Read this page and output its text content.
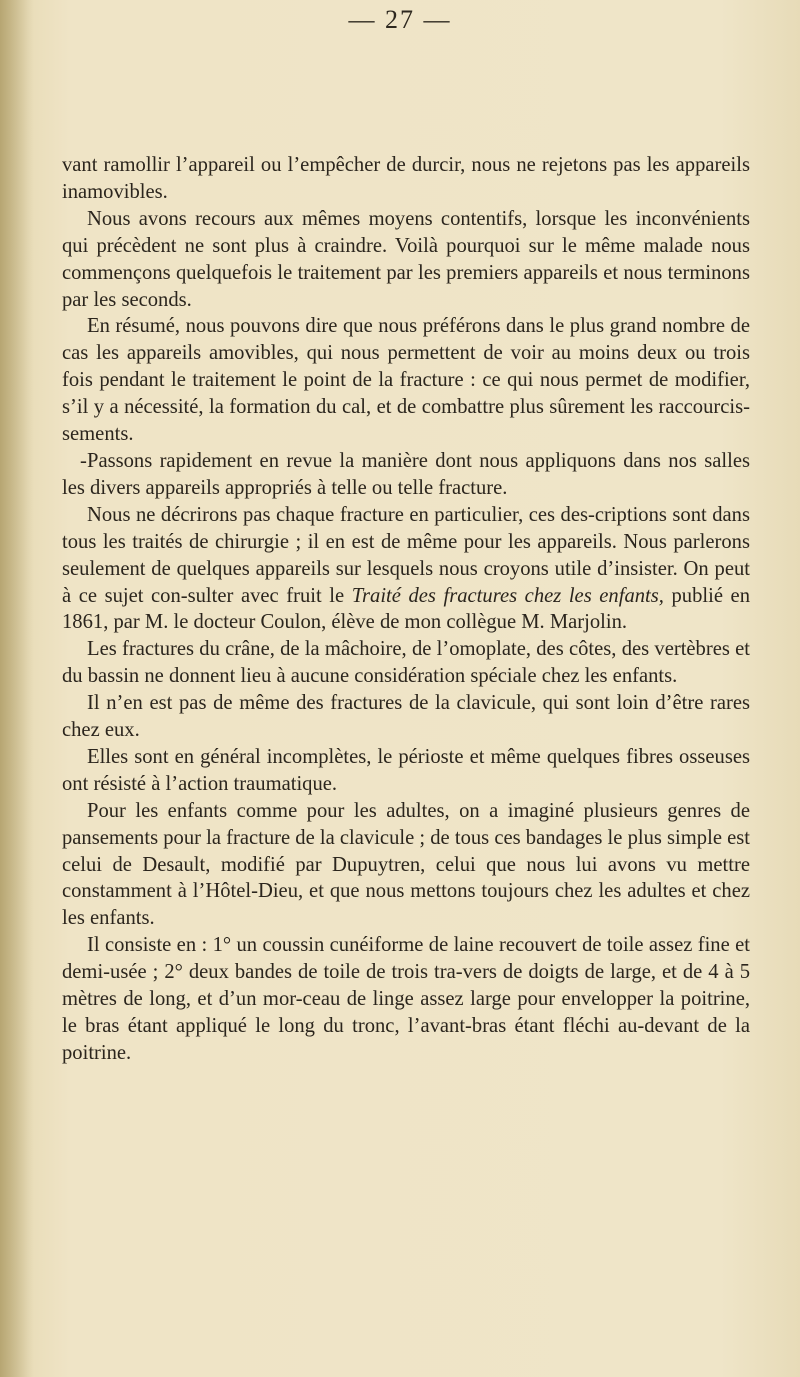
— 27 —

vant ramollir l’appareil ou l’empêcher de durcir, nous ne rejetons pas les appareils inamovibles.

Nous avons recours aux mêmes moyens contentifs, lorsque les inconvénients qui précèdent ne sont plus à craindre. Voilà pourquoi sur le même malade nous commençons quelquefois le traitement par les premiers appareils et nous terminons par les seconds.

En résumé, nous pouvons dire que nous préférons dans le plus grand nombre de cas les appareils amovibles, qui nous permettent de voir au moins deux ou trois fois pendant le traitement le point de la fracture : ce qui nous permet de modifier, s’il y a nécessité, la formation du cal, et de combattre plus sûrement les raccourcis-sements.

- Passons rapidement en revue la manière dont nous appliquons dans nos salles les divers appareils appropriés à telle ou telle fracture.

Nous ne décrirons pas chaque fracture en particulier, ces des-criptions sont dans tous les traités de chirurgie ; il en est de même pour les appareils. Nous parlerons seulement de quelques appareils sur lesquels nous croyons utile d’insister. On peut à ce sujet con-sulter avec fruit le Traité des fractures chez les enfants, publié en 1861, par M. le docteur Coulon, élève de mon collègue M. Marjolin.

Les fractures du crâne, de la mâchoire, de l’omoplate, des côtes, des vertèbres et du bassin ne donnent lieu à aucune considération spéciale chez les enfants.

Il n’en est pas de même des fractures de la clavicule, qui sont loin d’être rares chez eux.

Elles sont en général incomplètes, le périoste et même quelques fibres osseuses ont résisté à l’action traumatique.

Pour les enfants comme pour les adultes, on a imaginé plusieurs genres de pansements pour la fracture de la clavicule ; de tous ces bandages le plus simple est celui de Desault, modifié par Dupuytren, celui que nous lui avons vu mettre constamment à l’Hôtel-Dieu, et que nous mettons toujours chez les adultes et chez les enfants.

Il consiste en : 1° un coussin cunéiforme de laine recouvert de toile assez fine et demi-usée ; 2° deux bandes de toile de trois tra-vers de doigts de large, et de 4 à 5 mètres de long, et d’un mor-ceau de linge assez large pour envelopper la poitrine, le bras étant appliqué le long du tronc, l’avant-bras étant fléchi au-devant de la poitrine.
